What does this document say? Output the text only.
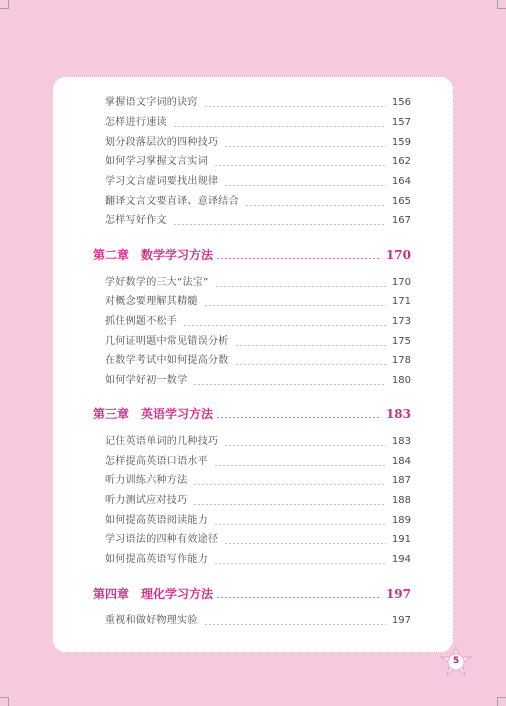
掌握语文字词的诀窍	156
怎样进行速读	157
划分段落层次的四种技巧	159
如何学习掌握文言实词	162
学习文言虚词要找出规律	164
翻译文言文要直译、意译结合	165
怎样写好作文	167
第二章 数学学习方法	170
学好数学的三大“法宝”	170
对概念要理解其精髓	171
抓住例题不松手	173
几何证明题中常见错误分析	175
在数学考试中如何提高分数	178
如何学好初一数学	180
第三章 英语学习方法	183
记住英语单词的几种技巧	183
怎样提高英语口语水平	184
听力训练六种方法	187
听力测试应对技巧	188
如何提高英语阅读能力	189
学习语法的四种有效途径	191
如何提高英语写作能力	194
第四章 理化学习方法	197
重视和做好物理实验	197
5
